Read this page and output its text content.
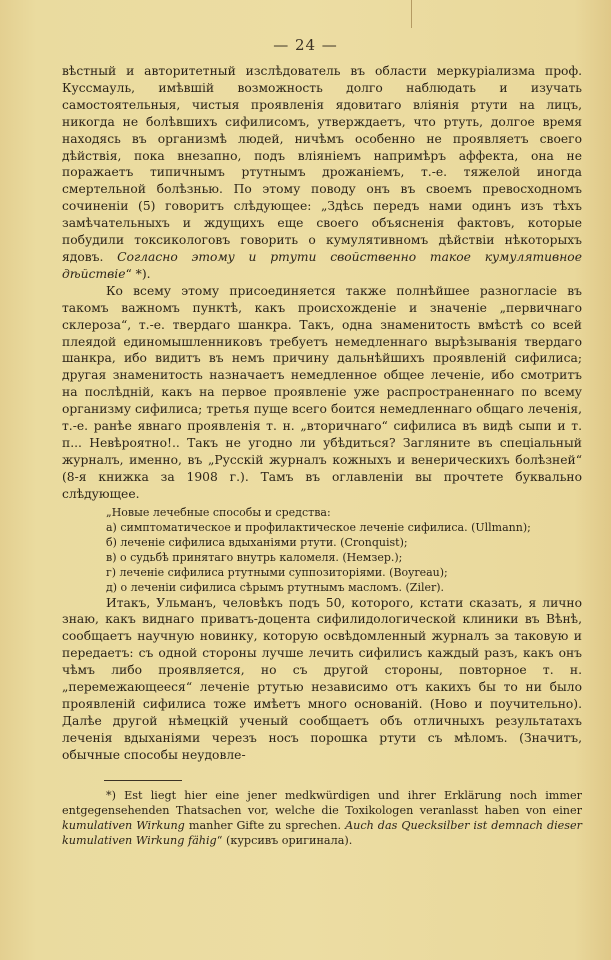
— 24 —

вѣстный и авторитетный изслѣдователь въ области меркуріализма проф. Куссмауль, имѣвшій возможность долго наблюдать и изучать самостоятельныя, чистыя проявленія ядовитаго вліянія ртути на лицъ, никогда не болѣвшихъ сифилисомъ, утверждаетъ, что ртуть, долгое время находясь въ организмѣ людей, ничѣмъ особенно не проявляетъ своего дѣйствія, пока внезапно, подъ вліяніемъ напримѣръ аффекта, она не поражаетъ типичнымъ ртутнымъ дрожаніемъ, т.-е. тяжелой иногда смертельной болѣзнью. По этому поводу онъ въ своемъ превосходномъ сочиненіи (5) говоритъ слѣдующее: „Здѣсь передъ нами одинъ изъ тѣхъ замѣчательныхъ и ждущихъ еще своего объясненія фактовъ, которые побудили токсикологовъ говорить о кумулятивномъ дѣйствіи нѣкоторыхъ ядовъ. Согласно этому и ртути свойственно такое кумулятивное дѣйствіе“ *).

Ко всему этому присоединяется также полнѣйшее разногласіе въ такомъ важномъ пунктѣ, какъ происхожденіе и значеніе „первичнаго склероза“, т.-е. твердаго шанкра. Такъ, одна знаменитость вмѣстѣ со всей плеядой единомышленниковъ требуетъ немедленнаго вырѣзыванія твердаго шанкра, ибо видитъ въ немъ причину дальнѣйшихъ проявленій сифилиса; другая знаменитость назначаетъ немедленное общее леченіе, ибо смотритъ на послѣдній, какъ на первое проявленіе уже распространеннаго по всему организму сифилиса; третья пуще всего боится немедленнаго общаго леченія, т.-е. ранѣе явнаго проявленія т. н. „вторичнаго“ сифилиса въ видѣ сыпи и т. п... Невѣроятно!.. Такъ не угодно ли убѣдиться? Загляните въ спеціальный журналъ, именно, въ „Русскій журналъ кожныхъ и венерическихъ болѣзней“ (8-я книжка за 1908 г.). Тамъ въ оглавленіи вы прочтете буквально слѣдующее.

„Новые лечебные способы и средства:
а) симптоматическое и профилактическое леченіе сифилиса. (Ullmann);
б) леченіе сифилиса вдыханіями ртути. (Cronquist);
в) о судьбѣ принятаго внутрь каломеля. (Немзер.);
г) леченіе сифилиса ртутными суппозиторіями. (Boyreau);
д) о леченіи сифилиса сѣрымъ ртутнымъ масломъ. (Ziler).

Итакъ, Ульманъ, человѣкъ подъ 50, которого, кстати сказать, я лично знаю, какъ виднаго приватъ-доцента сифилидологической клиники въ Вѣнѣ, сообщаетъ научную новинку, которую освѣдомленный журналъ за таковую и передаетъ: съ одной стороны лучше лечить сифилисъ каждый разъ, какъ онъ чѣмъ либо проявляется, но съ другой стороны, повторное т. н. „перемежающееся“ леченіе ртутью независимо отъ какихъ бы то ни было проявленій сифилиса тоже имѣетъ много основаній. (Ново и поучительно). Далѣе другой нѣмецкій ученый сообщаетъ объ отличныхъ результатахъ леченія вдыханіями черезъ носъ порошка ртути съ мѣломъ. (Значитъ, обычные способы неудовле-

*) Est liegt hier eine jener medkwürdigen und ihrer Erklärung noch immer entgegensehenden Thatsachen vor, welche die Toxikologen veranlasst haben von einer kumulativen Wirkung manher Gifte zu sprechen. Auch das Quecksilber ist demnach dieser kumulativen Wirkung fähig“ (курсивъ оригинала).
